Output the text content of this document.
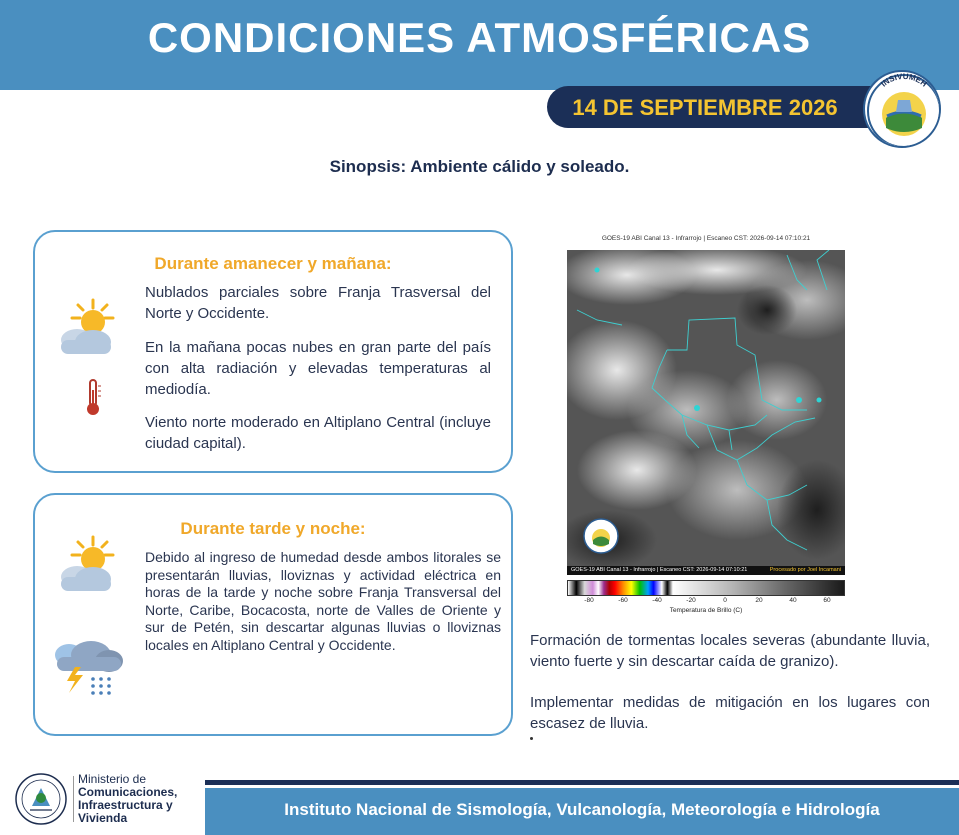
CONDICIONES ATMOSFÉRICAS
14 DE SEPTIEMBRE 2026
INSIVUMEH
Sinopsis: Ambiente cálido y soleado.
Durante amanecer y mañana:
Nublados parciales sobre Franja Trasversal del Norte y Occidente.
En la mañana pocas nubes en gran parte del país con alta radiación y elevadas temperaturas al mediodía.
Viento norte moderado en Altiplano Central (incluye ciudad capital).
Durante tarde y noche:
Debido al ingreso de humedad desde ambos litorales se presentarán lluvias, lloviznas y actividad eléctrica en horas de la tarde y noche sobre Franja Transversal del Norte, Caribe, Bocacosta, norte de Valles de Oriente y sur de Petén, sin descartar algunas lluvias o lloviznas locales en Altiplano Central y Occidente.
GOES-19 ABI Canal 13 - Infrarrojo | Escaneo CST: 2026-09-14 07:10:21
GOES-19 ABI Canal 13 - Infrarrojo | Escaneo CST: 2026-09-14 07:10:21	Procesado por Joel Incamani
-80	-60	-40	-20	0	20	40	60
Temperatura de Brillo (C)
Formación de tormentas locales severas (abundante lluvia, viento fuerte y sin descartar caída de granizo).
Implementar medidas de mitigación en los lugares con escasez de lluvia.
Ministerio de
Comunicaciones,
Infraestructura y
Vivienda	Instituto Nacional de Sismología, Vulcanología, Meteorología e Hidrología
